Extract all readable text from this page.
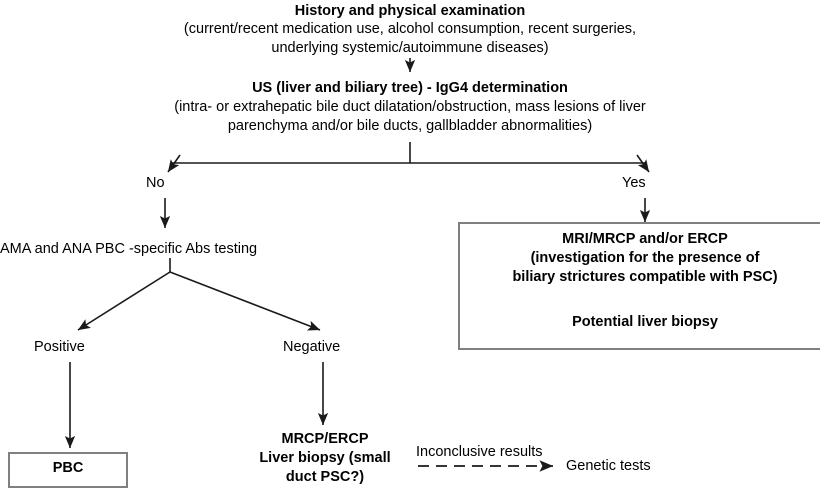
History and physical examination
(current/recent medication use, alcohol consumption, recent surgeries,
underlying systemic/autoimmune diseases)
US (liver and biliary tree) - IgG4 determination
(intra- or extrahepatic bile duct dilatation/obstruction, mass lesions of liver
parenchyma and/or bile ducts, gallbladder abnormalities)
No	Yes
AMA and ANA PBC -specific Abs testing
MRI/MRCP and/or ERCP
(investigation for the presence of
biliary strictures compatible with PSC)
Potential liver biopsy
Positive	Negative
PBC
MRCP/ERCP
Liver biopsy (small
duct PSC?)
Inconclusive results
Genetic tests
